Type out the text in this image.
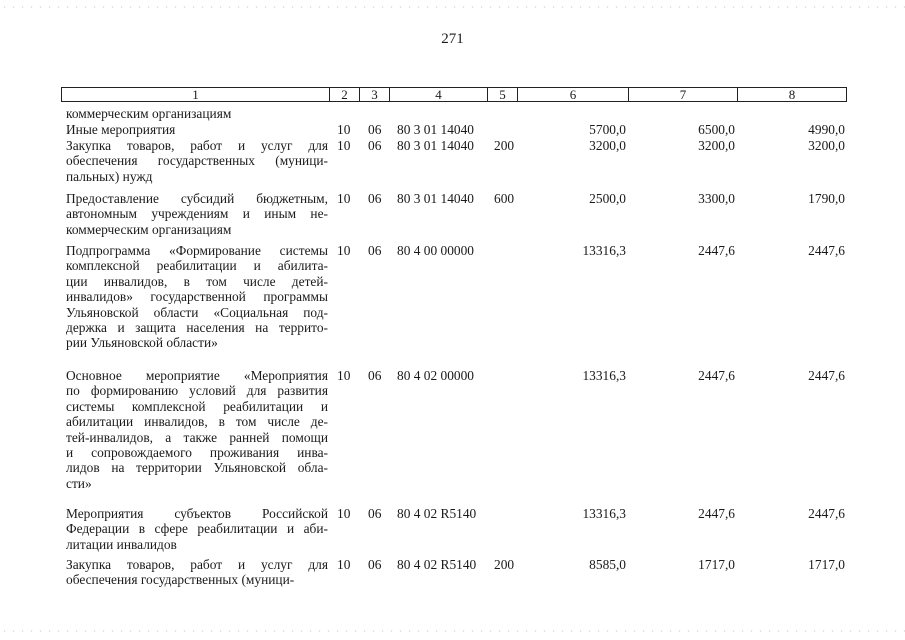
271
1	2	3	4	5	6	7	8
коммерческим организациям
Иные мероприятия	10 06 80 3 01 14040	5700,0	6500,0	4990,0
Закупка товаров, работ и услуг для
обеспечения государственных (муници-
пальных) нужд
10 06 80 3 01 14040 200	3200,0	3200,0	3200,0
Предоставление субсидий бюджетным,
автономным учреждениям и иным не-
коммерческим организациям
10 06 80 3 01 14040 600	2500,0	3300,0	1790,0
Подпрограмма «Формирование системы
комплексной реабилитации и абилита-
ции инвалидов, в том числе детей-
инвалидов» государственной программы
Ульяновской области «Социальная под-
держка и защита населения на террито-
рии Ульяновской области»
10 06 80 4 00 00000	13316,3	2447,6	2447,6
Основное мероприятие «Мероприятия
по формированию условий для развития
системы комплексной реабилитации и
абилитации инвалидов, в том числе де-
тей-инвалидов, а также ранней помощи
и сопровождаемого проживания инва-
лидов на территории Ульяновской обла-
сти»
10 06 80 4 02 00000	13316,3	2447,6	2447,6
Мероприятия субъектов Российской
Федерации в сфере реабилитации и аби-
литации инвалидов
10 06 80 4 02 R5140	13316,3	2447,6	2447,6
Закупка товаров, работ и услуг для
обеспечения государственных (муници-
10 06 80 4 02 R5140 200	8585,0	1717,0	1717,0
